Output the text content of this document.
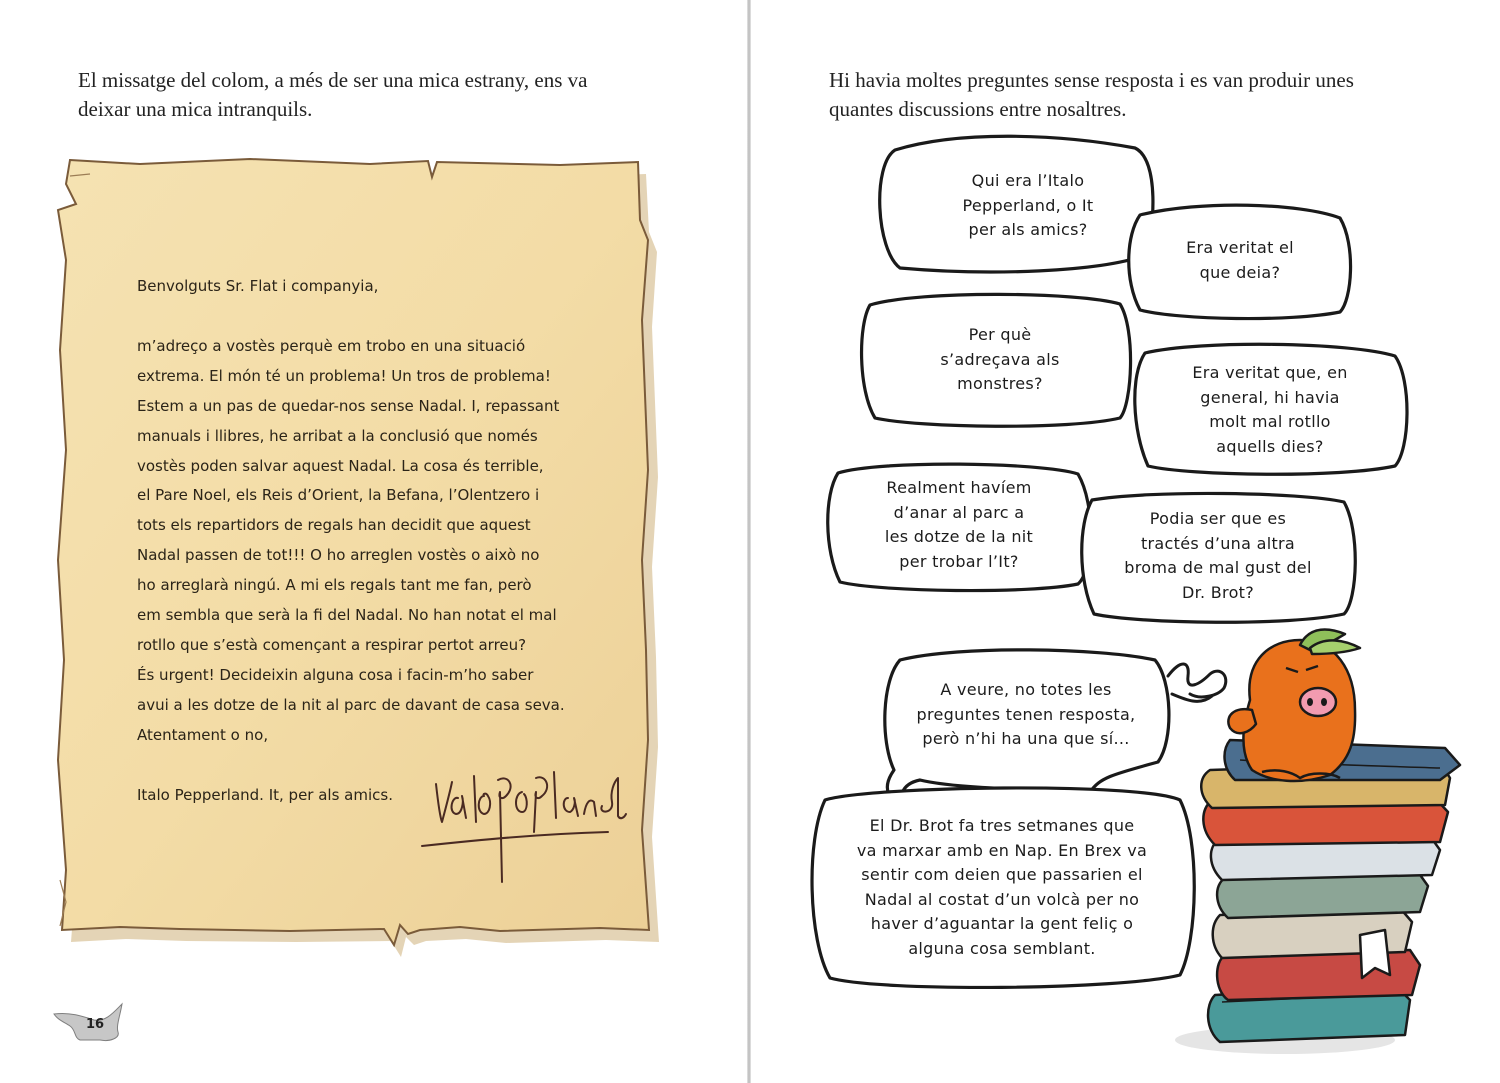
El missatge del colom, a més de ser una mica estrany, ens va
deixar una mica intranquils.
Benvolguts Sr. Flat i companyia,
m’adreço a vostès perquè em trobo en una situació
extrema. El món té un problema! Un tros de problema!
Estem a un pas de quedar-nos sense Nadal. I, repassant
manuals i llibres, he arribat a la conclusió que només
vostès poden salvar aquest Nadal. La cosa és terrible,
el Pare Noel, els Reis d’Orient, la Befana, l’Olentzero i
tots els repartidors de regals han decidit que aquest
Nadal passen de tot!!! O ho arreglen vostès o això no
ho arreglarà ningú. A mi els regals tant me fan, però
em sembla que serà la fi del Nadal. No han notat el mal
rotllo que s’està començant a respirar pertot arreu?
És urgent! Decideixin alguna cosa i facin-m’ho saber
avui a les dotze de la nit al parc de davant de casa seva.
Atentament o no,
Italo Pepperland. It, per als amics.
16
Hi havia moltes preguntes sense resposta i es van produir unes
quantes discussions entre nosaltres.
Qui era l’Italo
Pepperland, o It
per als amics?
Era veritat el
que deia?
Per què
s’adreçava als
monstres?
Era veritat que, en
general, hi havia
molt mal rotllo
aquells dies?
Realment havíem
d’anar al parc a
les dotze de la nit
per trobar l’It?
Podia ser que es
tractés d’una altra
broma de mal gust del
Dr. Brot?
A veure, no totes les
preguntes tenen resposta,
però n’hi ha una que sí...
El Dr. Brot fa tres setmanes que
va marxar amb en Nap. En Brex va
sentir com deien que passarien el
Nadal al costat d’un volcà per no
haver d’aguantar la gent feliç o
alguna cosa semblant.
